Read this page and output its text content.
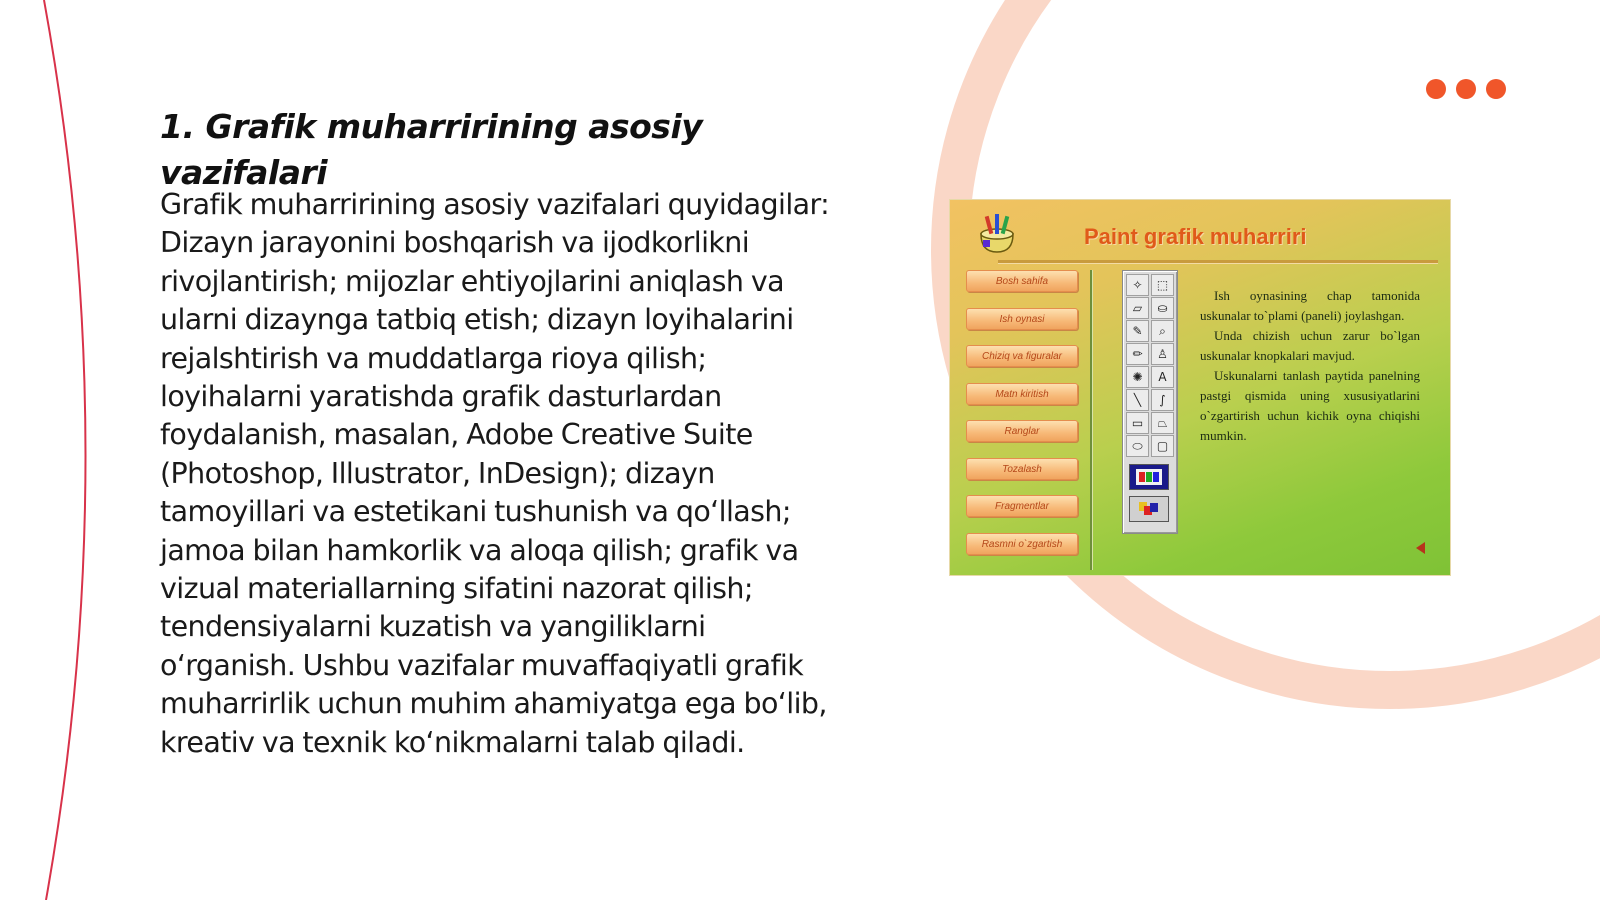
1. Grafik muharririning asosiy vazifalari

Grafik muharririning asosiy vazifalari quyidagilar: Dizayn jarayonini boshqarish va ijodkorlikni rivojlantirish; mijozlar ehtiyojlarini aniqlash va ularni dizaynga tatbiq etish; dizayn loyihalarini rejalshtirish va muddatlarga rioya qilish; loyihalarni yaratishda grafik dasturlardan foydalanish, masalan, Adobe Creative Suite (Photoshop, Illustrator, InDesign); dizayn tamoyillari va estetikani tushunish va qo‘llash; jamoa bilan hamkorlik va aloqa qilish; grafik va vizual materiallarning sifatini nazorat qilish; tendensiyalarni kuzatish va yangiliklarni o‘rganish. Ushbu vazifalar muvaffaqiyatli grafik muharrirlik uchun muhim ahamiyatga ega bo‘lib, kreativ va texnik ko‘nikmalarni talab qiladi.

Paint grafik muharriri
Bosh sahifa
Ish oynasi
Chiziq va figuralar
Matn kiritish
Ranglar
Tozalash
Fragmentlar
Rasmni o`zgartish
✧ ⬚
▱ ⛀
✎ ⌕
✏ ♙
✺ A
╲ ∫
▭ ⏢
⬭ ▢

Ish oynasining chap tamonida uskunalar to`plami (paneli) joylashgan.

Unda chizish uchun zarur bo`lgan uskunalar knopkalari mavjud.

Uskunalarni tanlash paytida panelning pastgi qismida uning xususiyatlarini o`zgartirish uchun kichik oyna chiqishi mumkin.
